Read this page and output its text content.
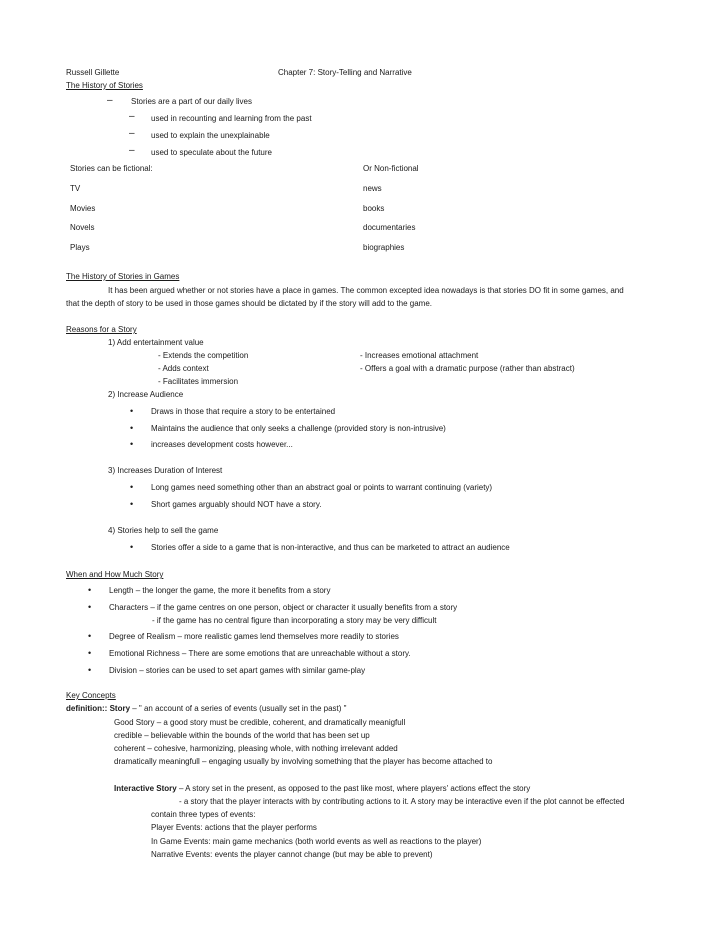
Russell Gillette	Chapter 7: Story-Telling and Narrative
The History of Stories
– Stories are a part of our daily lives
– used in recounting and learning from the past
– used to explain the unexplainable
– used to speculate about the future
Stories can be fictional:	Or Non-fictional
TV	news
Movies	books
Novels	documentaries
Plays	biographies
The History of Stories in Games
It has been argued whether or not stories have a place in games. The common excepted idea nowadays is that stories DO fit in some games, and
that the depth of story to be used in those games should be dictated by if the story will add to the game.
Reasons for a Story
1) Add entertainment value
- Extends the competition	- Increases emotional attachment
- Adds context	- Offers a goal with a dramatic purpose (rather than abstract)
- Facilitates immersion
2) Increase Audience
• Draws in those that require a story to be entertained
• Maintains the audience that only seeks a challenge (provided story is non-intrusive)
• increases development costs however...
3) Increases Duration of Interest
• Long games need something other than an abstract goal or points to warrant continuing (variety)
• Short games arguably should NOT have a story.
4) Stories help to sell the game
• Stories offer a side to a game that is non-interactive, and thus can be marketed to attract an audience
When and How Much Story
• Length – the longer the game, the more it benefits from a story
• Characters – if the game centres on one person, object or character it usually benefits from a story
- if the game has no central figure than incorporating a story may be very difficult
• Degree of Realism – more realistic games lend themselves more readily to stories
• Emotional Richness – There are some emotions that are unreachable without a story.
• Division – stories can be used to set apart games with similar game-play
Key Concepts
definition:: Story – " an account of a series of events (usually set in the past) "
Good Story – a good story must be credible, coherent, and dramatically meanigfull
credible – believable within the bounds of the world that has been set up
coherent – cohesive, harmonizing, pleasing whole, with nothing irrelevant added
dramatically meaningfull – engaging usually by involving something that the player has become attached to
Interactive Story – A story set in the present, as opposed to the past like most, where players' actions effect the story
- a story that the player interacts with by contributing actions to it. A story may be interactive even if the plot cannot be effected
contain three types of events:
Player Events: actions that the player performs
In Game Events: main game mechanics (both world events as well as reactions to the player)
Narrative Events: events the player cannot change (but may be able to prevent)
